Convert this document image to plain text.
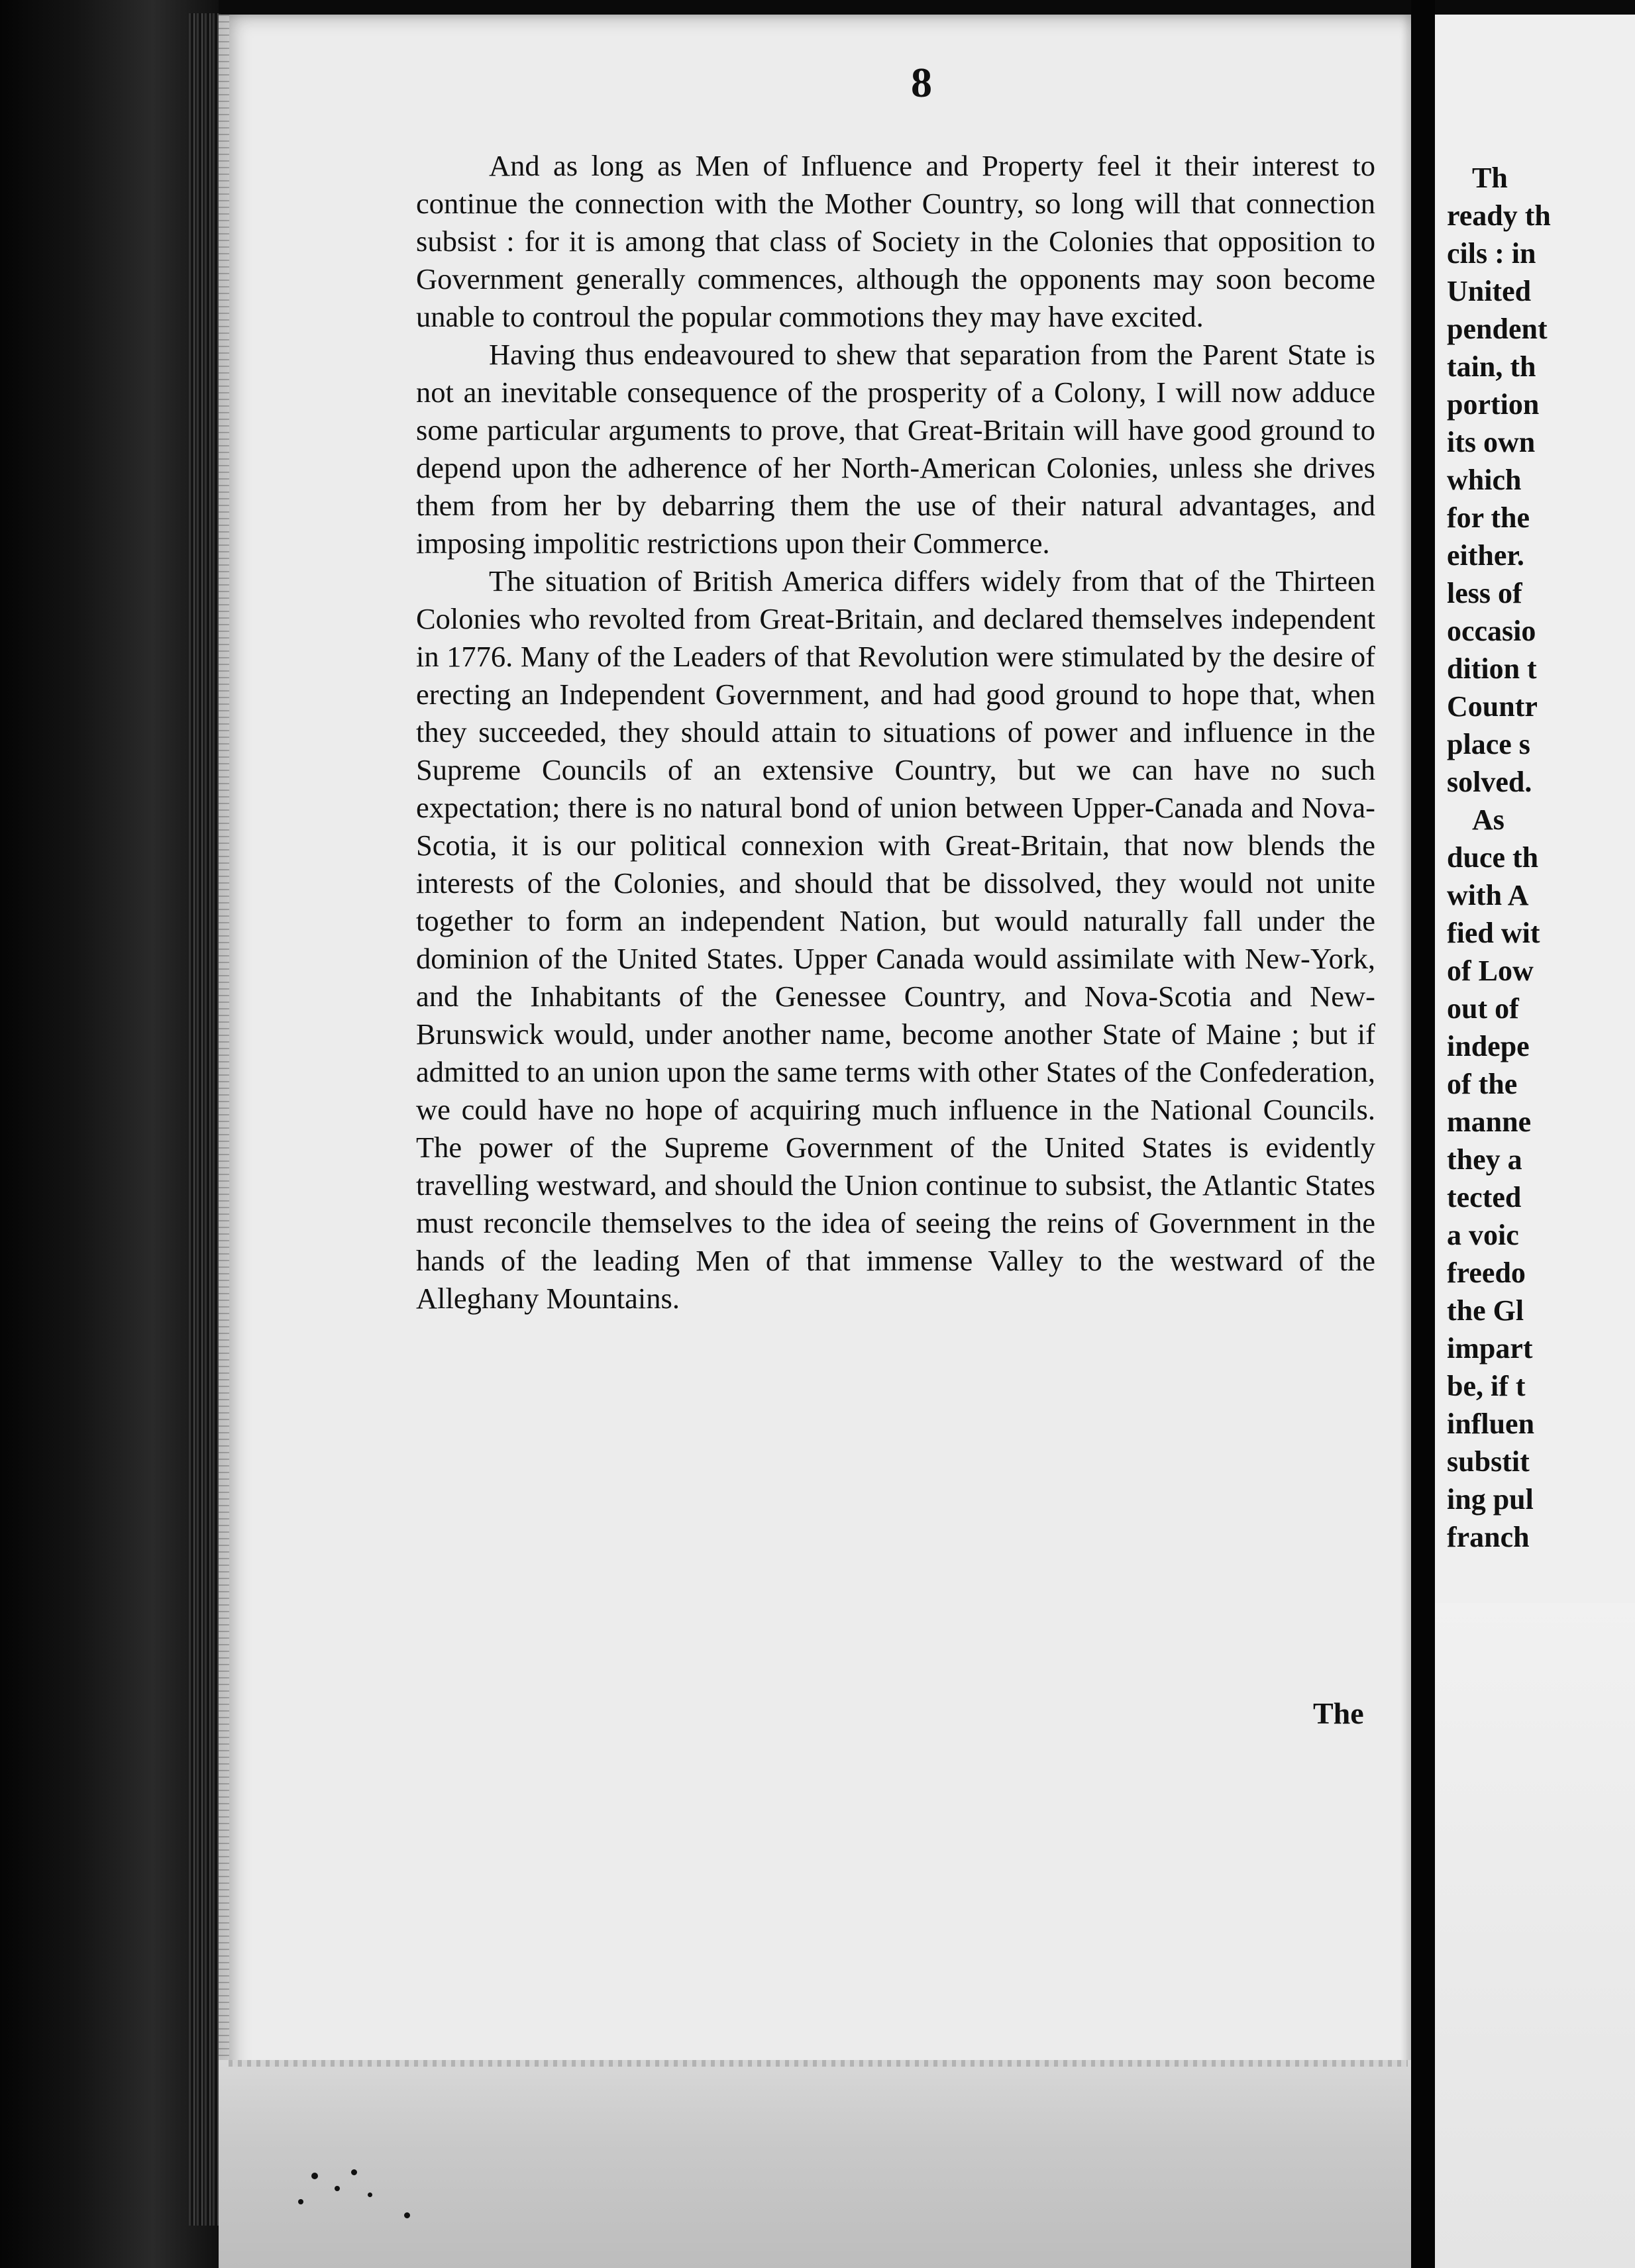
8

And as long as Men of Influence and Property feel it their interest to continue the connection with the Mother Country, so long will that connection subsist : for it is among that class of Society in the Colonies that opposition to Government generally commences, although the opponents may soon become unable to controul the popular commotions they may have excited.

Having thus endeavoured to shew that separation from the Parent State is not an inevitable consequence of the prosperity of a Colony, I will now adduce some particular arguments to prove, that Great-Britain will have good ground to depend upon the adherence of her North-American Colonies, unless she drives them from her by debarring them the use of their natural advantages, and imposing impolitic restrictions upon their Commerce.

The situation of British America differs widely from that of the Thirteen Colonies who revolted from Great-Britain, and declared themselves independent in 1776. Many of the Leaders of that Revolution were stimulated by the desire of erecting an Independent Government, and had good ground to hope that, when they succeeded, they should attain to situations of power and influence in the Supreme Councils of an extensive Country, but we can have no such expectation; there is no natural bond of union between Upper-Canada and Nova-Scotia, it is our political connexion with Great-Britain, that now blends the interests of the Colonies, and should that be dissolved, they would not unite together to form an independent Nation, but would naturally fall under the dominion of the United States. Upper Canada would assimilate with New-York, and the Inhabitants of the Genessee Country, and Nova-Scotia and New-Brunswick would, under another name, become another State of Maine ; but if admitted to an union upon the same terms with other States of the Confederation, we could have no hope of acquiring much influence in the National Councils. The power of the Supreme Government of the United States is evidently travelling westward, and should the Union continue to subsist, the Atlantic States must reconcile themselves to the idea of seeing the reins of Government in the hands of the leading Men of that immense Valley to the westward of the Alleghany Mountains.

The
Th
ready th
cils : in
United
pendent
tain, th
portion
its own
which
for the
either.
less of
occasio
dition t
Countr
place s
solved.
As
duce th
with A
fied wit
of Low
out of
indepe
of the
manne
they a
tected
a voic
freedo
the Gl
impart
be, if t
influen
substit
ing pul
franch
